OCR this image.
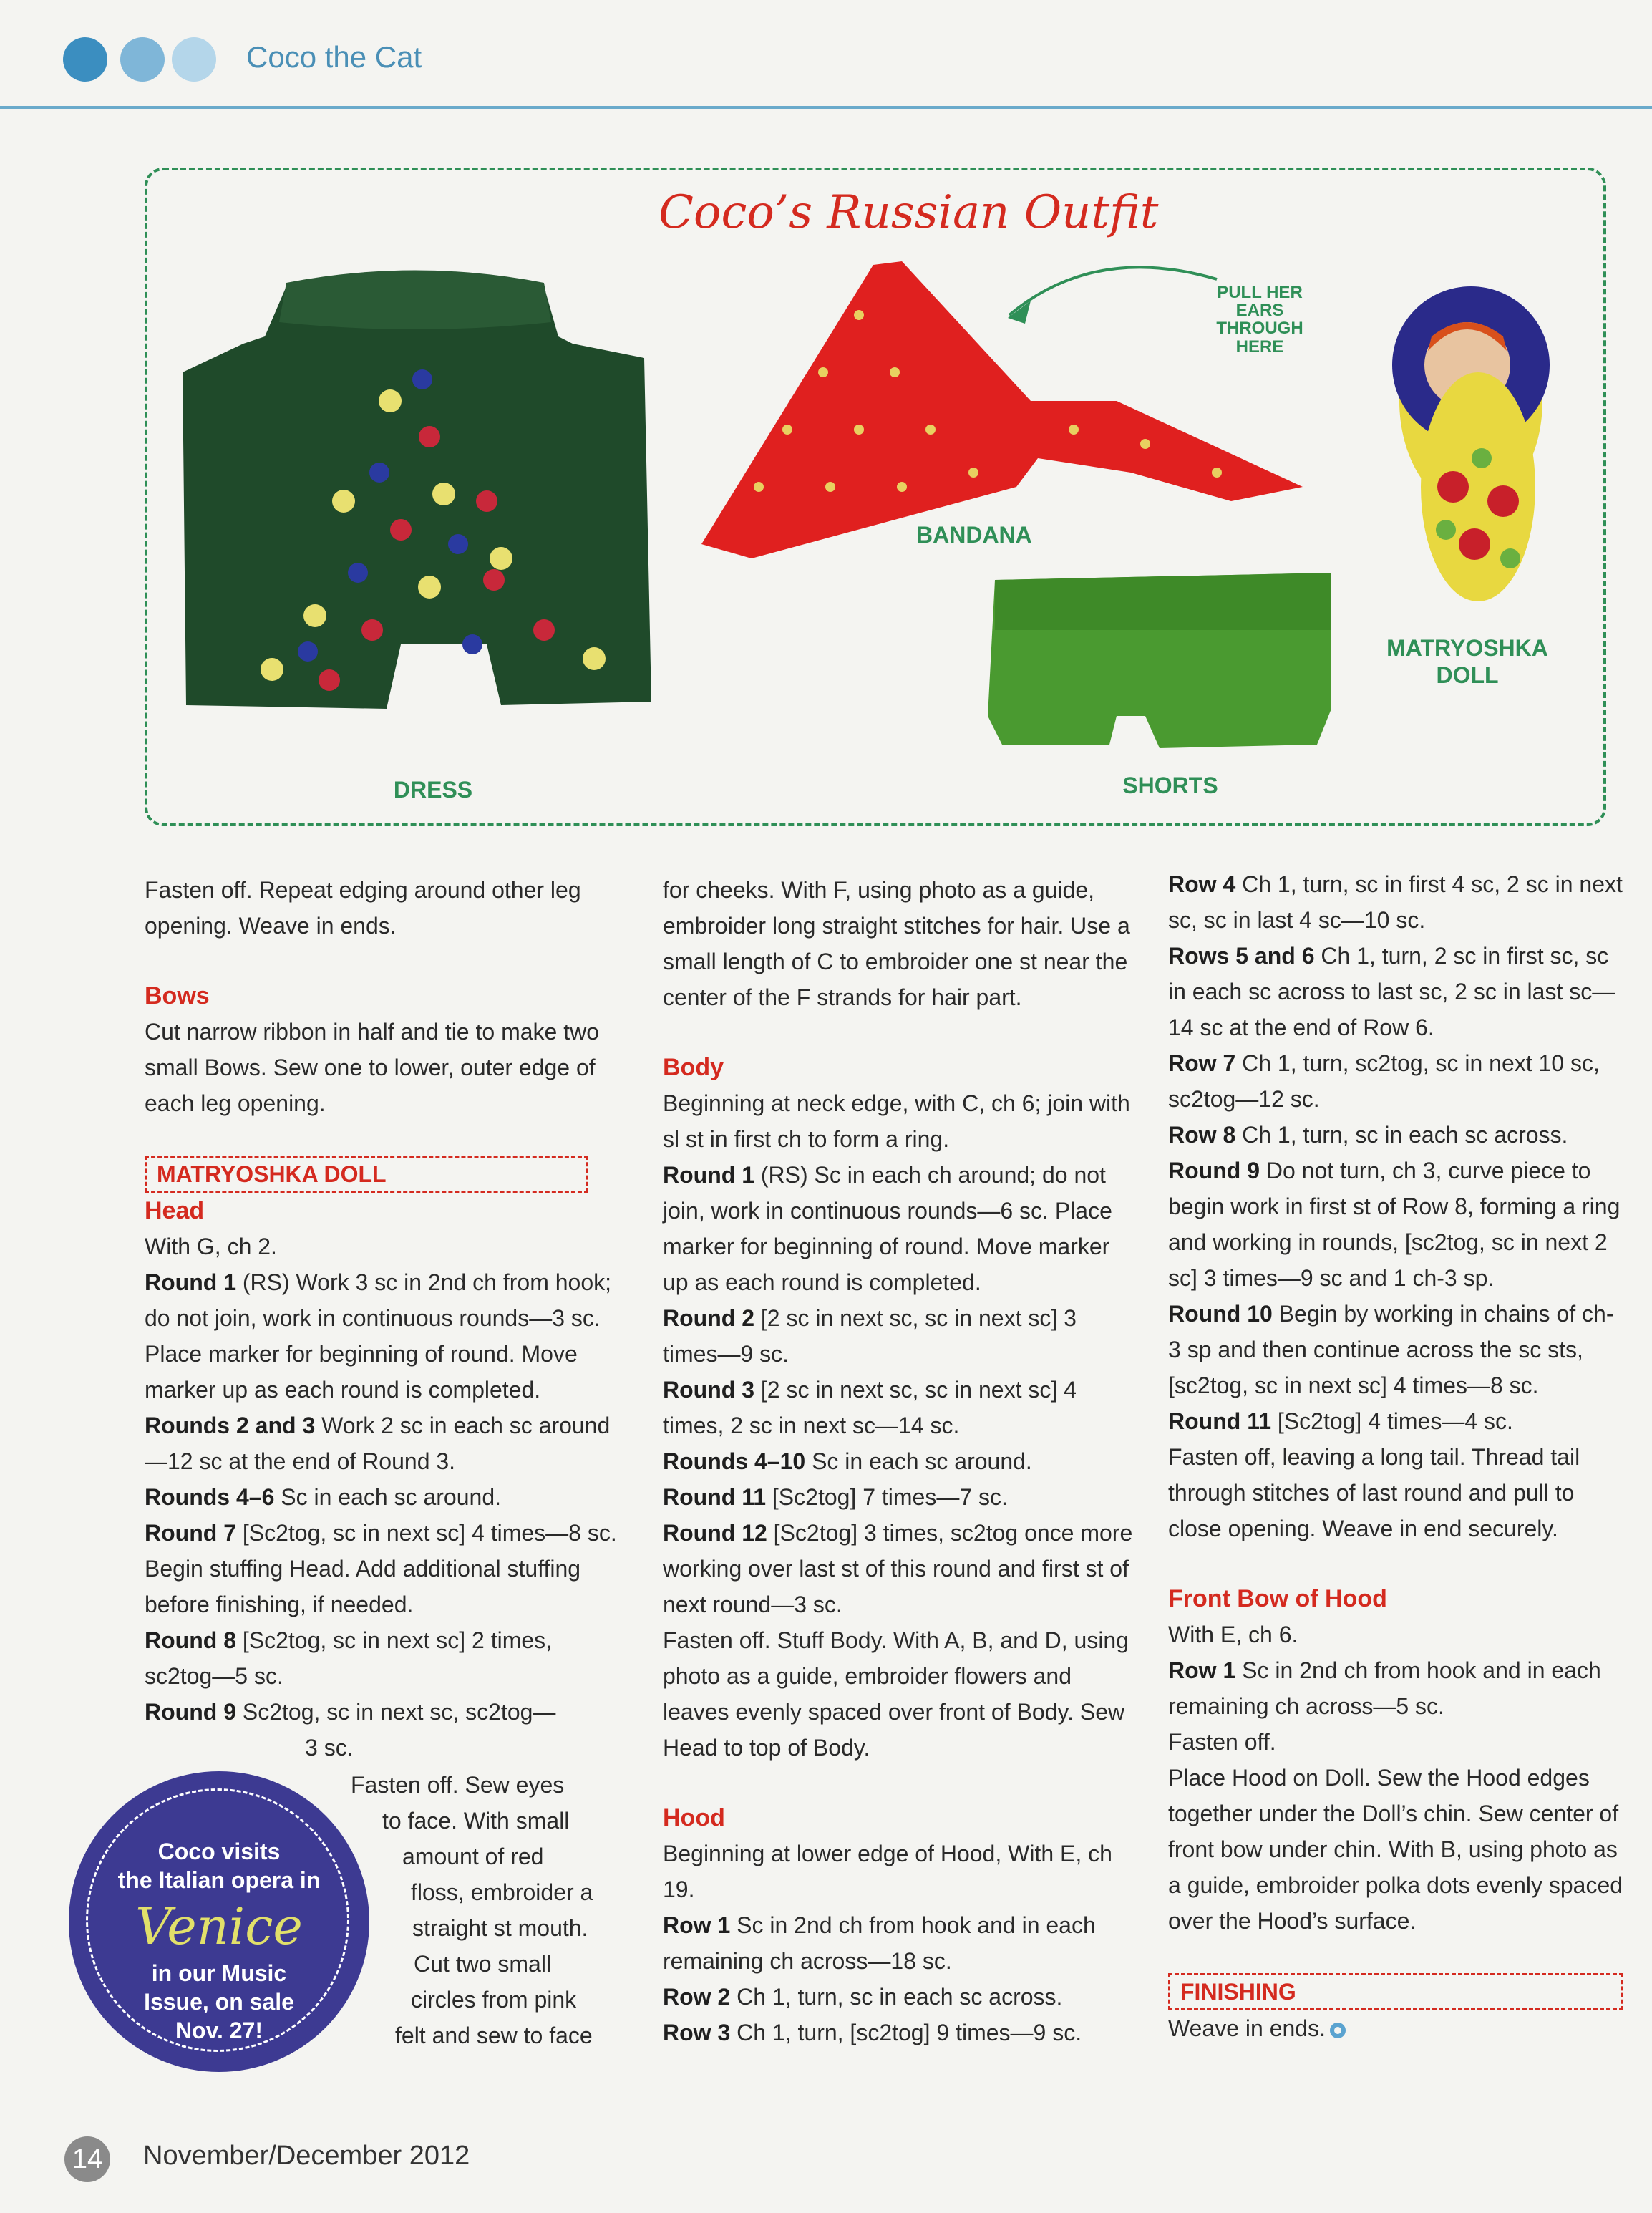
Coco the Cat
Coco’s Russian Outfit
PULL HER
EARS
THROUGH
HERE
BANDANA
MATRYOSHKA
DOLL
DRESS	SHORTS

Fasten off. Repeat edging around other leg opening. Weave in ends.

Bows

Cut narrow ribbon in half and tie to make two small Bows. Sew one to lower, outer edge of each leg opening.

MATRYOSHKA DOLL

Head

With G, ch 2.

Round 1 (RS) Work 3 sc in 2nd ch from hook; do not join, work in continuous rounds—3 sc. Place marker for beginning of round. Move marker up as each round is completed.

Rounds 2 and 3 Work 2 sc in each sc around—12 sc at the end of Round 3.

Rounds 4–6 Sc in each sc around.

Round 7 [Sc2tog, sc in next sc] 4 times—8 sc. Begin stuffing Head. Add additional stuffing before finishing, if needed.

Round 8 [Sc2tog, sc in next sc] 2 times, sc2tog—5 sc.

Round 9 Sc2tog, sc in next sc, sc2tog—

3 sc.

Fasten off. Sew eyes

to face. With small

amount of red

floss, embroider a

straight st mouth.

Cut two small

circles from pink

felt and sew to face

for cheeks. With F, using photo as a guide, embroider long straight stitches for hair. Use a small length of C to embroider one st near the center of the F strands for hair part.

Body

Beginning at neck edge, with C, ch 6; join with sl st in first ch to form a ring.

Round 1 (RS) Sc in each ch around; do not join, work in continuous rounds—6 sc. Place marker for beginning of round. Move marker up as each round is completed.

Round 2 [2 sc in next sc, sc in next sc] 3 times—9 sc.

Round 3 [2 sc in next sc, sc in next sc] 4 times, 2 sc in next sc—14 sc.

Rounds 4–10 Sc in each sc around.

Round 11 [Sc2tog] 7 times—7 sc.

Round 12 [Sc2tog] 3 times, sc2tog once more working over last st of this round and first st of next round—3 sc.

Fasten off. Stuff Body. With A, B, and D, using photo as a guide, embroider flowers and leaves evenly spaced over front of Body. Sew Head to top of Body.

Hood

Beginning at lower edge of Hood, With E, ch 19.

Row 1 Sc in 2nd ch from hook and in each remaining ch across—18 sc.

Row 2 Ch 1, turn, sc in each sc across.

Row 3 Ch 1, turn, [sc2tog] 9 times—9 sc.

Row 4 Ch 1, turn, sc in first 4 sc, 2 sc in next sc, sc in last 4 sc—10 sc.

Rows 5 and 6 Ch 1, turn, 2 sc in first sc, sc in each sc across to last sc, 2 sc in last sc—14 sc at the end of Row 6.

Row 7 Ch 1, turn, sc2tog, sc in next 10 sc, sc2tog—12 sc.

Row 8 Ch 1, turn, sc in each sc across.

Round 9 Do not turn, ch 3, curve piece to begin work in first st of Row 8, forming a ring and working in rounds, [sc2tog, sc in next 2 sc] 3 times—9 sc and 1 ch-3 sp.

Round 10 Begin by working in chains of ch-3 sp and then continue across the sc sts, [sc2tog, sc in next sc] 4 times—8 sc.

Round 11 [Sc2tog] 4 times—4 sc.

Fasten off, leaving a long tail. Thread tail through stitches of last round and pull to close opening. Weave in end securely.

Front Bow of Hood

With E, ch 6.

Row 1 Sc in 2nd ch from hook and in each remaining ch across—5 sc.

Fasten off.

Place Hood on Doll. Sew the Hood edges together under the Doll’s chin. Sew center of front bow under chin. With B, using photo as a guide, embroider polka dots evenly spaced over the Hood’s surface.

FINISHING

Weave in ends.

Coco visits
the Italian opera in
Venice
in our Music
Issue, on sale
Nov. 27!
14 November/December 2012
